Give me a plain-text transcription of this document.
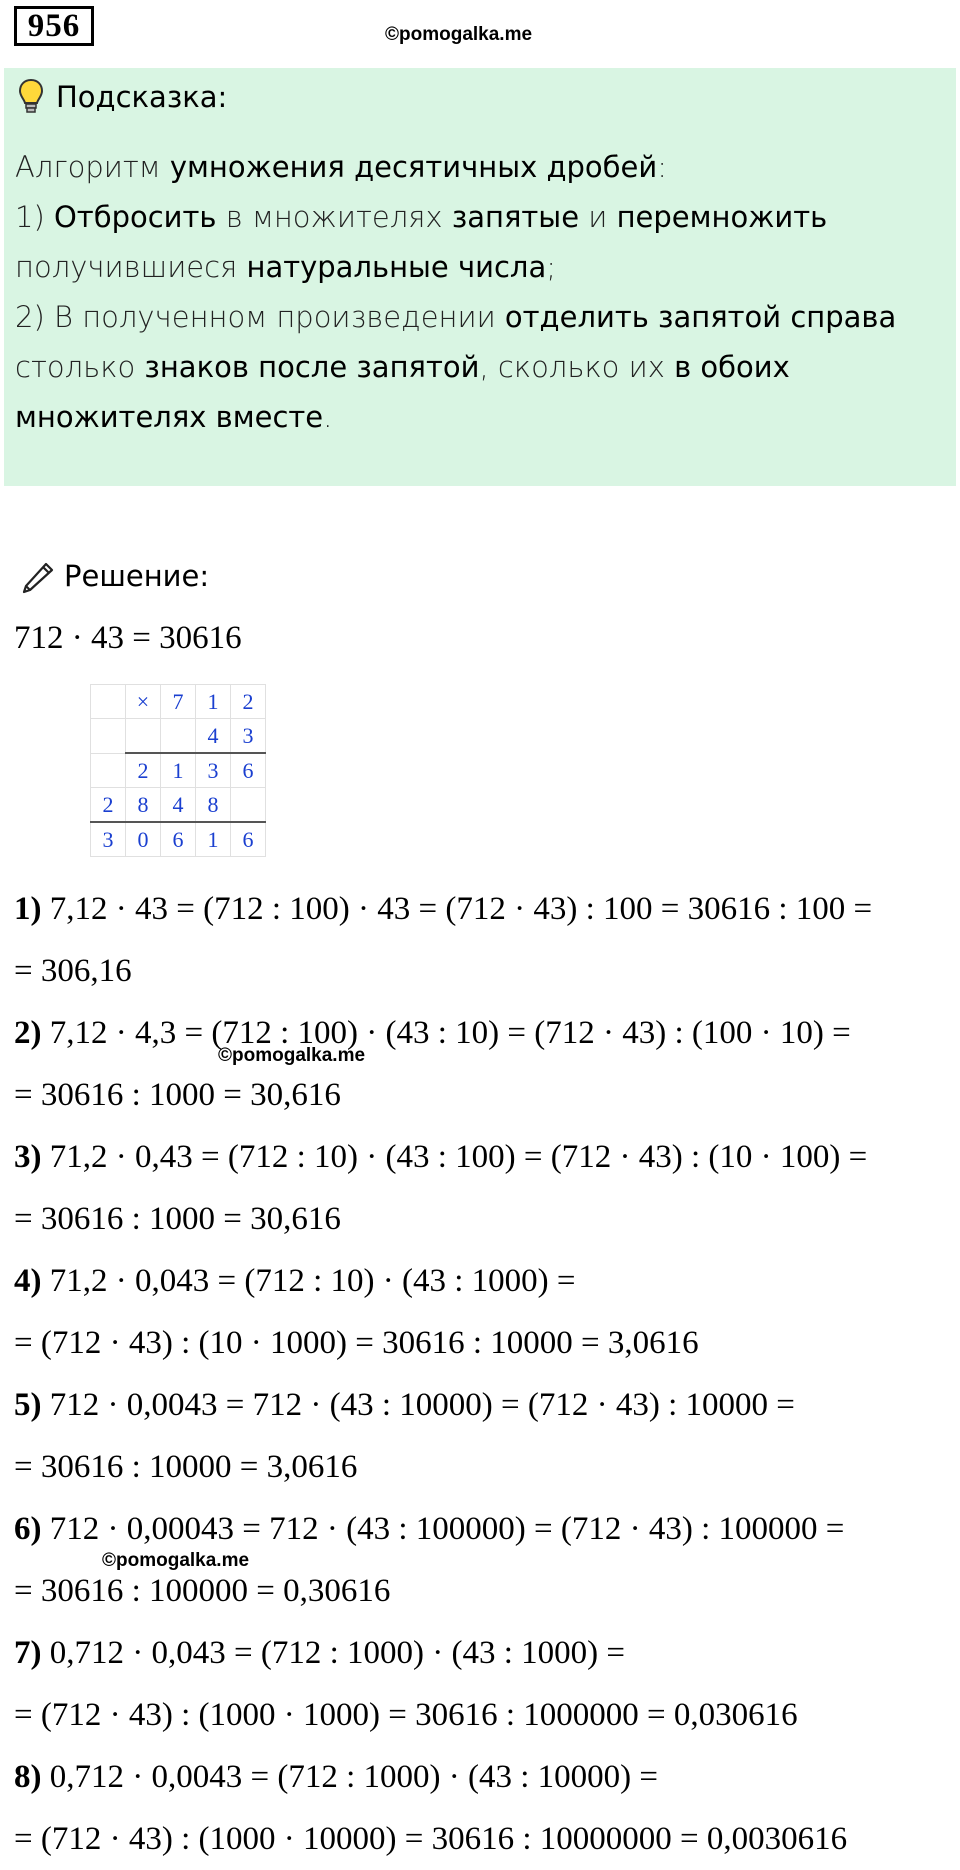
956	©pomogalka.me
Подсказка:
Алгоритм умножения десятичных дробей:
1) Отбросить в множителях запятые и перемножить
получившиеся натуральные числа;
2) В полученном произведении отделить запятой справа
столько знаков после запятой, сколько их в обоих
множителях вместе.
Решение:
712 · 43 = 30616
	×	7	1	2
			4	3
	2	1	3	6
2	8	4	8	
3	0	6	1	6
1) 7,12 · 43 = (712 : 100) · 43 = (712 · 43) : 100 = 30616 : 100 =
= 306,16
2) 7,12 · 4,3 = (712 : 100) · (43 : 10) = (712 · 43) : (100 · 10) =
= 30616 : 1000 = 30,616
3) 71,2 · 0,43 = (712 : 10) · (43 : 100) = (712 · 43) : (10 · 100) =
= 30616 : 1000 = 30,616
4) 71,2 · 0,043 = (712 : 10) · (43 : 1000) =
= (712 · 43) : (10 · 1000) = 30616 : 10000 = 3,0616
5) 712 · 0,0043 = 712 · (43 : 10000) = (712 · 43) : 10000 =
= 30616 : 10000 = 3,0616
6) 712 · 0,00043 = 712 · (43 : 100000) = (712 · 43) : 100000 =
= 30616 : 100000 = 0,30616
7) 0,712 · 0,043 = (712 : 1000) · (43 : 1000) =
= (712 · 43) : (1000 · 1000) = 30616 : 1000000 = 0,030616
8) 0,712 · 0,0043 = (712 : 1000) · (43 : 10000) =
= (712 · 43) : (1000 · 10000) = 30616 : 10000000 = 0,0030616
©pomogalka.me
©pomogalka.me
